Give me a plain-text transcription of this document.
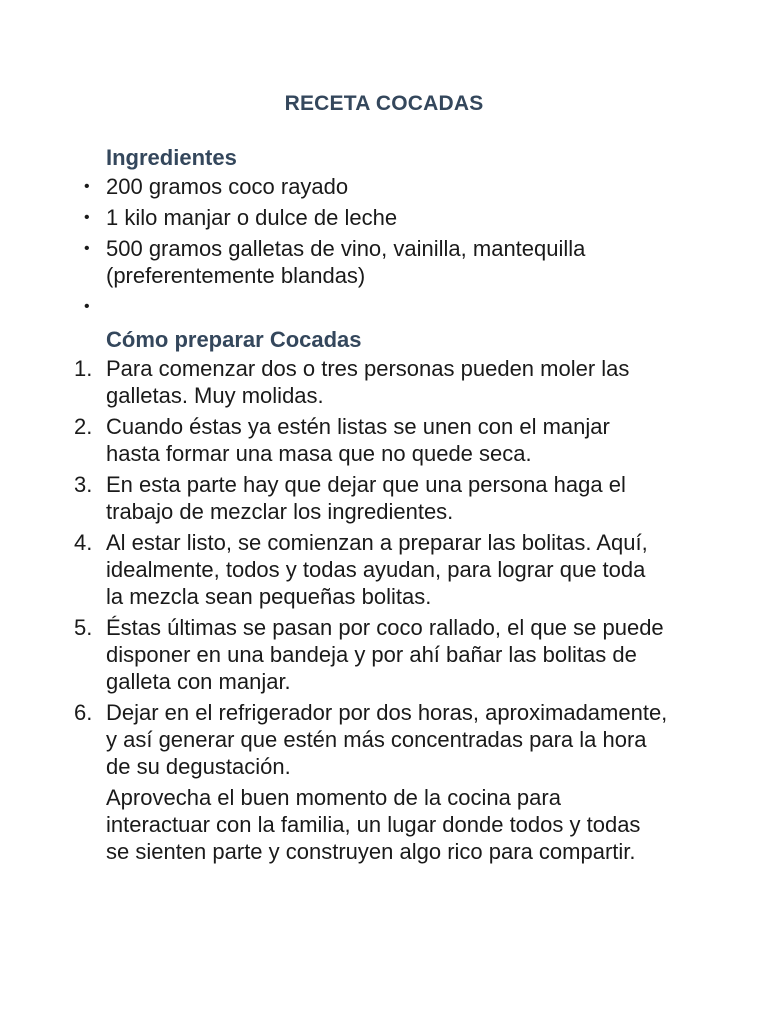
RECETA COCADAS
Ingredientes
• 200 gramos coco rayado
• 1 kilo manjar o dulce de leche
• 500 gramos galletas de vino, vainilla, mantequilla (preferentemente blandas)
•
Cómo preparar Cocadas
1. Para comenzar dos o tres personas pueden moler las galletas. Muy molidas.
2. Cuando éstas ya estén listas se unen con el manjar hasta formar una masa que no quede seca.
3. En esta parte hay que dejar que una persona haga el trabajo de mezclar los ingredientes.
4. Al estar listo, se comienzan a preparar las bolitas. Aquí, idealmente, todos y todas ayudan, para lograr que toda la mezcla sean pequeñas bolitas.
5. Éstas últimas se pasan por coco rallado, el que se puede disponer en una bandeja y por ahí bañar las bolitas de galleta con manjar.
6. Dejar en el refrigerador por dos horas, aproximadamente, y así generar que estén más concentradas para la hora de su degustación.
Aprovecha el buen momento de la cocina para interactuar con la familia, un lugar donde todos y todas se sienten parte y construyen algo rico para compartir.
